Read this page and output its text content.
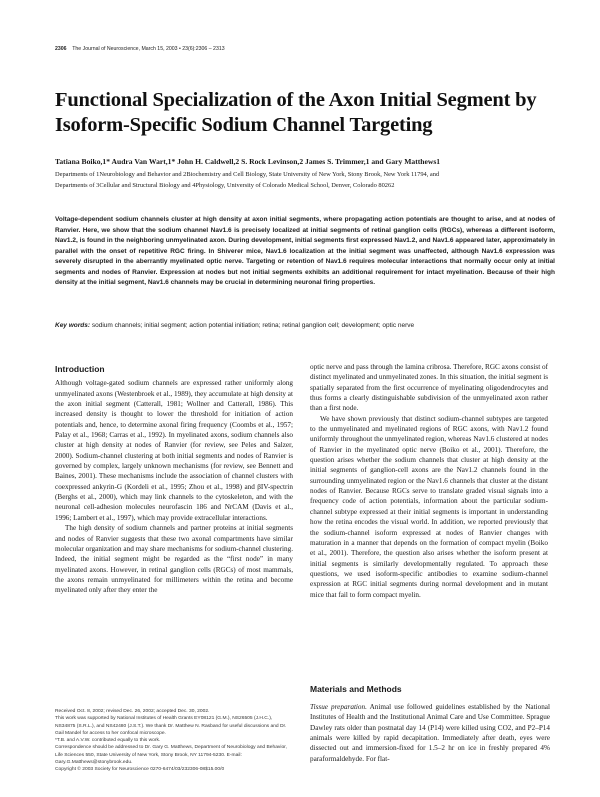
2306 The Journal of Neuroscience, March 15, 2003 • 23(6):2306 – 2313
Functional Specialization of the Axon Initial Segment by
Isoform-Specific Sodium Channel Targeting
Tatiana Boiko,1* Audra Van Wart,1* John H. Caldwell,2 S. Rock Levinson,2 James S. Trimmer,1 and Gary Matthews1
Departments of 1Neurobiology and Behavior and 2Biochemistry and Cell Biology, State University of New York, Stony Brook, New York 11794, and
Departments of 3Cellular and Structural Biology and 4Physiology, University of Colorado Medical School, Denver, Colorado 80262
Voltage-dependent sodium channels cluster at high density at axon initial segments, where propagating action potentials are thought to arise, and at nodes of Ranvier. Here, we show that the sodium channel Nav1.6 is precisely localized at initial segments of retinal ganglion cells (RGCs), whereas a different isoform, Nav1.2, is found in the neighboring unmyelinated axon. During development, initial segments first expressed Nav1.2, and Nav1.6 appeared later, approximately in parallel with the onset of repetitive RGC firing. In Shiverer mice, Nav1.6 localization at the initial segment was unaffected, although Nav1.6 expression was severely disrupted in the aberrantly myelinated optic nerve. Targeting or retention of Nav1.6 requires molecular interactions that normally occur only at initial segments and nodes of Ranvier. Expression at nodes but not initial segments exhibits an additional requirement for intact myelination. Because of their high density at the initial segment, Nav1.6 channels may be crucial in determining neuronal firing properties.
Key words: sodium channels; initial segment; action potential initiation; retina; retinal ganglion cell; development; optic nerve
Introduction

Although voltage-gated sodium channels are expressed rather uniformly along unmyelinated axons (Westenbroek et al., 1989), they accumulate at high density at the axon initial segment (Catterall, 1981; Wollner and Catterall, 1986). This increased density is thought to lower the threshold for initiation of action potentials and, hence, to determine axonal firing frequency (Coombs et al., 1957; Palay et al., 1968; Carras et al., 1992). In myelinated axons, sodium channels also cluster at high density at nodes of Ranvier (for review, see Peles and Salzer, 2000). Sodium-channel clustering at both initial segments and nodes of Ranvier is governed by complex, largely unknown mechanisms (for review, see Bennett and Baines, 2001). These mechanisms include the association of channel clusters with coexpressed ankyrin-G (Kordeli et al., 1995; Zhou et al., 1998) and βIV-spectrin (Berghs et al., 2000), which may link channels to the cytoskeleton, and with the neuronal cell-adhesion molecules neurofascin 186 and NrCAM (Davis et al., 1996; Lambert et al., 1997), which may provide extracellular interactions.

The high density of sodium channels and partner proteins at initial segments and nodes of Ranvier suggests that these two axonal compartments have similar molecular organization and may share mechanisms for sodium-channel clustering. Indeed, the initial segment might be regarded as the “first node” in many myelinated axons. However, in retinal ganglion cells (RGCs) of most mammals, the axons remain unmyelinated for millimeters within the retina and become myelinated only after they enter the

optic nerve and pass through the lamina cribrosa. Therefore, RGC axons consist of distinct myelinated and unmyelinated zones. In this situation, the initial segment is spatially separated from the first occurrence of myelinating oligodendrocytes and thus forms a clearly distinguishable subdivision of the unmyelinated axon rather than a first node.

We have shown previously that distinct sodium-channel subtypes are targeted to the unmyelinated and myelinated regions of RGC axons, with Nav1.2 found uniformly throughout the unmyelinated region, whereas Nav1.6 clustered at nodes of Ranvier in the myelinated optic nerve (Boiko et al., 2001). Therefore, the question arises whether the sodium channels that cluster at high density at the initial segments of ganglion-cell axons are the Nav1.2 channels found in the surrounding unmyelinated region or the Nav1.6 channels that cluster at the distant nodes of Ranvier. Because RGCs serve to translate graded visual signals into a frequency code of action potentials, information about the particular sodium-channel subtype expressed at their initial segments is important in understanding how the retina encodes the visual world. In addition, we reported previously that the sodium-channel isoform expressed at nodes of Ranvier changes with maturation in a manner that depends on the formation of compact myelin (Boiko et al., 2001). Therefore, the question also arises whether the isoform present at initial segments is similarly developmentally regulated. To approach these questions, we used isoform-specific antibodies to examine sodium-channel expression at RGC initial segments during normal development and in mutant mice that fail to form compact myelin.

Received Oct. 8, 2002; revised Dec. 26, 2002; accepted Dec. 30, 2002.

This work was supported by National Institutes of Health Grants EY08121 (G.M.), NS26505 (J.H.C.), NS34875 (S.R.L.), and NS42480 (J.S.T.). We thank Dr. Matthew N. Rasband for useful discussions and Dr. Gail Mandel for access to her confocal microscope.

*T.B. and A.V.W. contributed equally to this work.

Correspondence should be addressed to Dr. Gary G. Matthews, Department of Neurobiology and Behavior, Life Sciences 550, State University of New York, Stony Brook, NY 11794-5230. E-mail: Gary.G.Matthews@stonybrook.edu.

Copyright © 2003 Society for Neuroscience 0270-6474/03/232306-08$15.00/0

Materials and Methods
Tissue preparation. Animal use followed guidelines established by the National Institutes of Health and the Institutional Animal Care and Use Committee. Sprague Dawley rats older than postnatal day 14 (P14) were killed using CO2, and P2–P14 animals were killed by rapid decapitation. Immediately after death, eyes were dissected out and immersion-fixed for 1.5–2 hr on ice in freshly prepared 4% paraformaldehyde. For flat-
